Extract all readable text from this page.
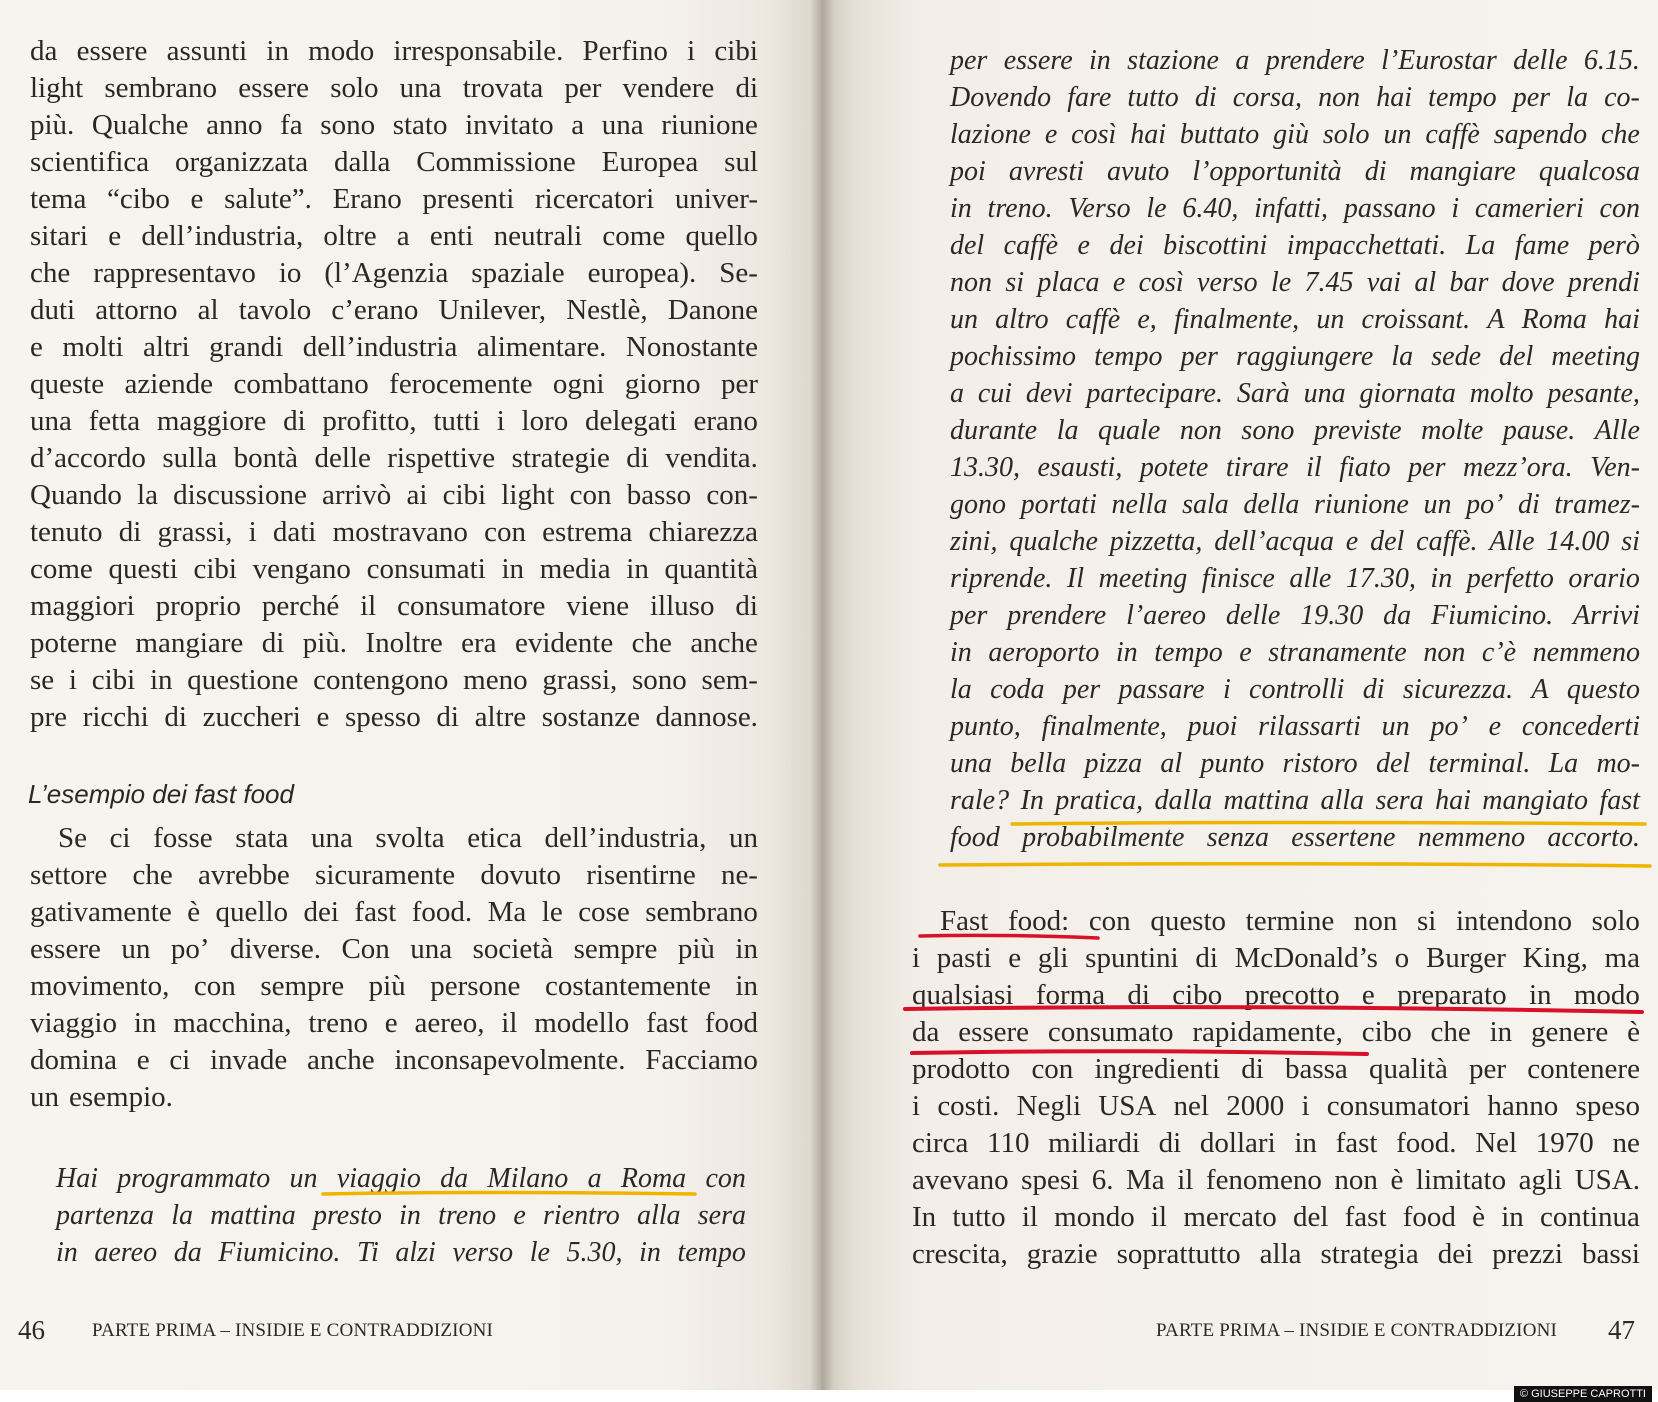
da essere assunti in modo irresponsabile. Perfino i cibi
light sembrano essere solo una trovata per vendere di
più. Qualche anno fa sono stato invitato a una riunione
scientifica organizzata dalla Commissione Europea sul
tema “cibo e salute”. Erano presenti ricercatori univer-
sitari e dell’industria, oltre a enti neutrali come quello
che rappresentavo io (l’Agenzia spaziale europea). Se-
duti attorno al tavolo c’erano Unilever, Nestlè, Danone
e molti altri grandi dell’industria alimentare. Nonostante
queste aziende combattano ferocemente ogni giorno per
una fetta maggiore di profitto, tutti i loro delegati erano
d’accordo sulla bontà delle rispettive strategie di vendita.
Quando la discussione arrivò ai cibi light con basso con-
tenuto di grassi, i dati mostravano con estrema chiarezza
come questi cibi vengano consumati in media in quantità
maggiori proprio perché il consumatore viene illuso di
poterne mangiare di più. Inoltre era evidente che anche
se i cibi in questione contengono meno grassi, sono sem-
pre ricchi di zuccheri e spesso di altre sostanze dannose.
L’esempio dei fast food
Se ci fosse stata una svolta etica dell’industria, un
settore che avrebbe sicuramente dovuto risentirne ne-
gativamente è quello dei fast food. Ma le cose sembrano
essere un po’ diverse. Con una società sempre più in
movimento, con sempre più persone costantemente in
viaggio in macchina, treno e aereo, il modello fast food
domina e ci invade anche inconsapevolmente. Facciamo
un esempio.
Hai programmato un viaggio da Milano a Roma con
partenza la mattina presto in treno e rientro alla sera
in aereo da Fiumicino. Ti alzi verso le 5.30, in tempo
per essere in stazione a prendere l’Eurostar delle 6.15.
Dovendo fare tutto di corsa, non hai tempo per la co-
lazione e così hai buttato giù solo un caffè sapendo che
poi avresti avuto l’opportunità di mangiare qualcosa
in treno. Verso le 6.40, infatti, passano i camerieri con
del caffè e dei biscottini impacchettati. La fame però
non si placa e così verso le 7.45 vai al bar dove prendi
un altro caffè e, finalmente, un croissant. A Roma hai
pochissimo tempo per raggiungere la sede del meeting
a cui devi partecipare. Sarà una giornata molto pesante,
durante la quale non sono previste molte pause. Alle
13.30, esausti, potete tirare il fiato per mezz’ora. Ven-
gono portati nella sala della riunione un po’ di tramez-
zini, qualche pizzetta, dell’acqua e del caffè. Alle 14.00 si
riprende. Il meeting finisce alle 17.30, in perfetto orario
per prendere l’aereo delle 19.30 da Fiumicino. Arrivi
in aeroporto in tempo e stranamente non c’è nemmeno
la coda per passare i controlli di sicurezza. A questo
punto, finalmente, puoi rilassarti un po’ e concederti
una bella pizza al punto ristoro del terminal. La mo-
rale? In pratica, dalla mattina alla sera hai mangiato fast
food probabilmente senza essertene nemmeno accorto.
Fast food: con questo termine non si intendono solo
i pasti e gli spuntini di McDonald’s o Burger King, ma
qualsiasi forma di cibo precotto e preparato in modo
da essere consumato rapidamente, cibo che in genere è
prodotto con ingredienti di bassa qualità per contenere
i costi. Negli USA nel 2000 i consumatori hanno speso
circa 110 miliardi di dollari in fast food. Nel 1970 ne
avevano spesi 6. Ma il fenomeno non è limitato agli USA.
In tutto il mondo il mercato del fast food è in continua
crescita, grazie soprattutto alla strategia dei prezzi bassi
46 PARTE PRIMA – INSIDIE E CONTRADDIZIONI	PARTE PRIMA – INSIDIE E CONTRADDIZIONI 47
© GIUSEPPE CAPROTTI
